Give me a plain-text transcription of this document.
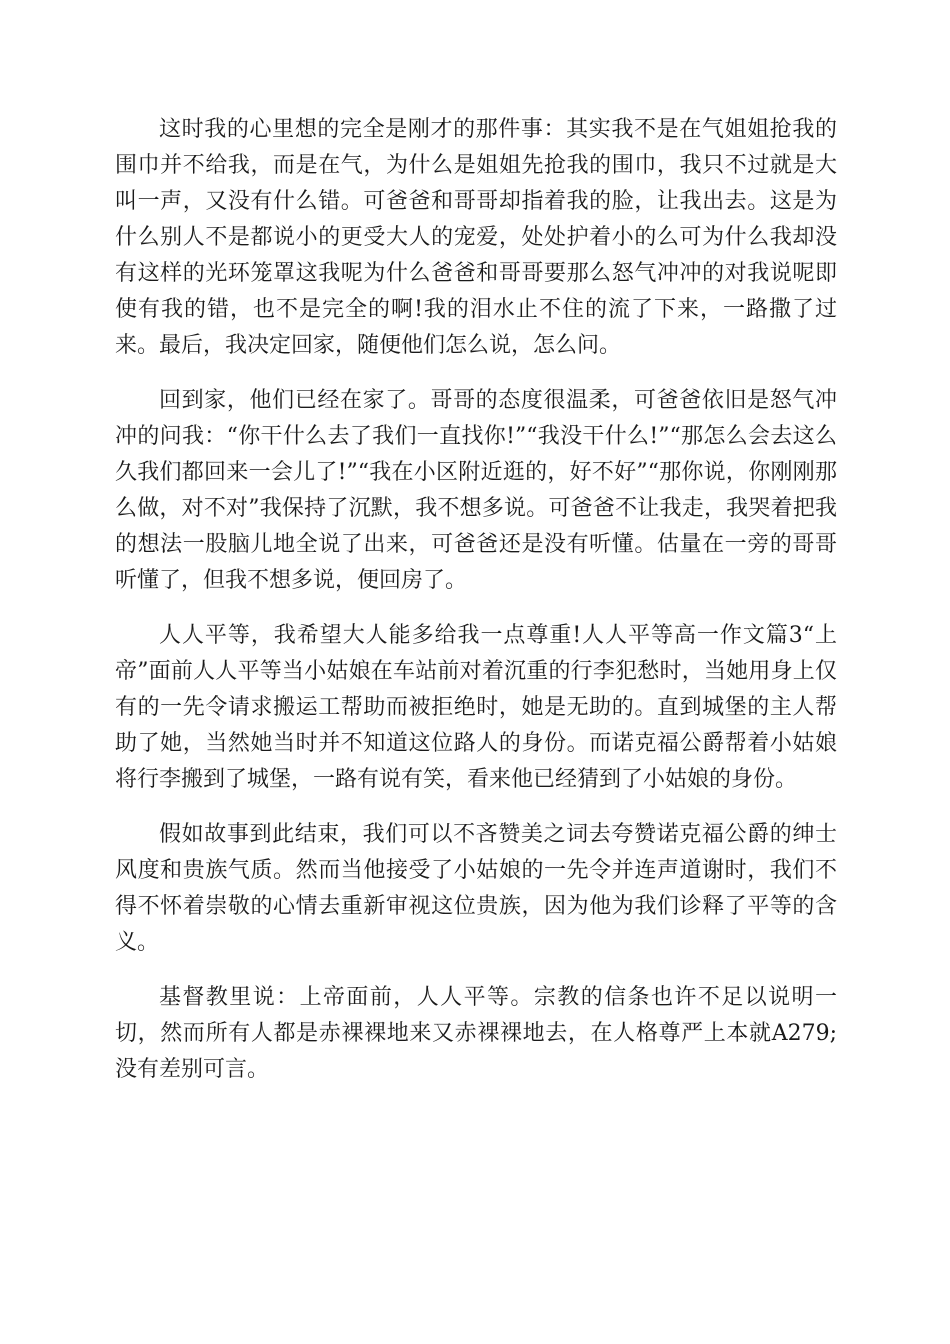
这时我的心里想的完全是刚才的那件事：其实我不是在气姐姐抢我的围巾并不给我，而是在气，为什么是姐姐先抢我的围巾，我只不过就是大叫一声，又没有什么错。可爸爸和哥哥却指着我的脸，让我出去。这是为什么别人不是都说小的更受大人的宠爱，处处护着小的么可为什么我却没有这样的光环笼罩这我呢为什么爸爸和哥哥要那么怒气冲冲的对我说呢即使有我的错，也不是完全的啊!我的泪水止不住的流了下来，一路撒了过来。最后，我决定回家，随便他们怎么说，怎么问。

回到家，他们已经在家了。哥哥的态度很温柔，可爸爸依旧是怒气冲冲的问我：“你干什么去了我们一直找你!”“我没干什么!”“那怎么会去这么久我们都回来一会儿了!”“我在小区附近逛的，好不好”“那你说，你刚刚那么做，对不对”我保持了沉默，我不想多说。可爸爸不让我走，我哭着把我的想法一股脑儿地全说了出来，可爸爸还是没有听懂。估量在一旁的哥哥听懂了，但我不想多说，便回房了。

人人平等，我希望大人能多给我一点尊重!人人平等高一作文篇3“上帝”面前人人平等当小姑娘在车站前对着沉重的行李犯愁时，当她用身上仅有的一先令请求搬运工帮助而被拒绝时，她是无助的。直到城堡的主人帮助了她，当然她当时并不知道这位路人的身份。而诺克福公爵帮着小姑娘将行李搬到了城堡，一路有说有笑，看来他已经猜到了小姑娘的身份。

假如故事到此结束，我们可以不吝赞美之词去夸赞诺克福公爵的绅士风度和贵族气质。然而当他接受了小姑娘的一先令并连声道谢时，我们不得不怀着崇敬的心情去重新审视这位贵族，因为他为我们诊释了平等的含义。

基督教里说：上帝面前，人人平等。宗教的信条也许不足以说明一切，然而所有人都是赤裸裸地来又赤裸裸地去，在人格尊严上本就A279;没有差别可言。
